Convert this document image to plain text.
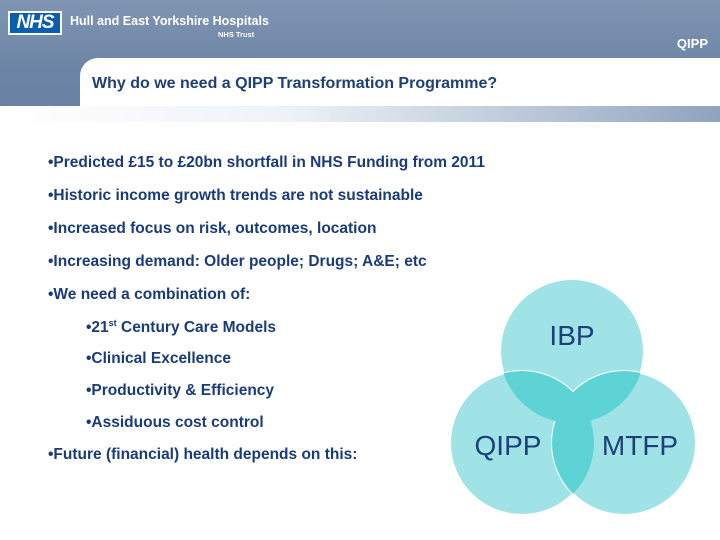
NHS	Hull and East Yorkshire Hospitals
NHS Trust
QIPP
Why do we need a QIPP Transformation Programme?
•Predicted £15 to £20bn shortfall in NHS Funding from 2011
•Historic income growth trends are not sustainable
•Increased focus on risk, outcomes, location
•Increasing demand: Older people; Drugs; A&E; etc
•We need a combination of:
•21st Century Care Models
•Clinical Excellence
•Productivity & Efficiency
•Assiduous cost control
•Future (financial) health depends on this:
IBP
QIPP MTFP
